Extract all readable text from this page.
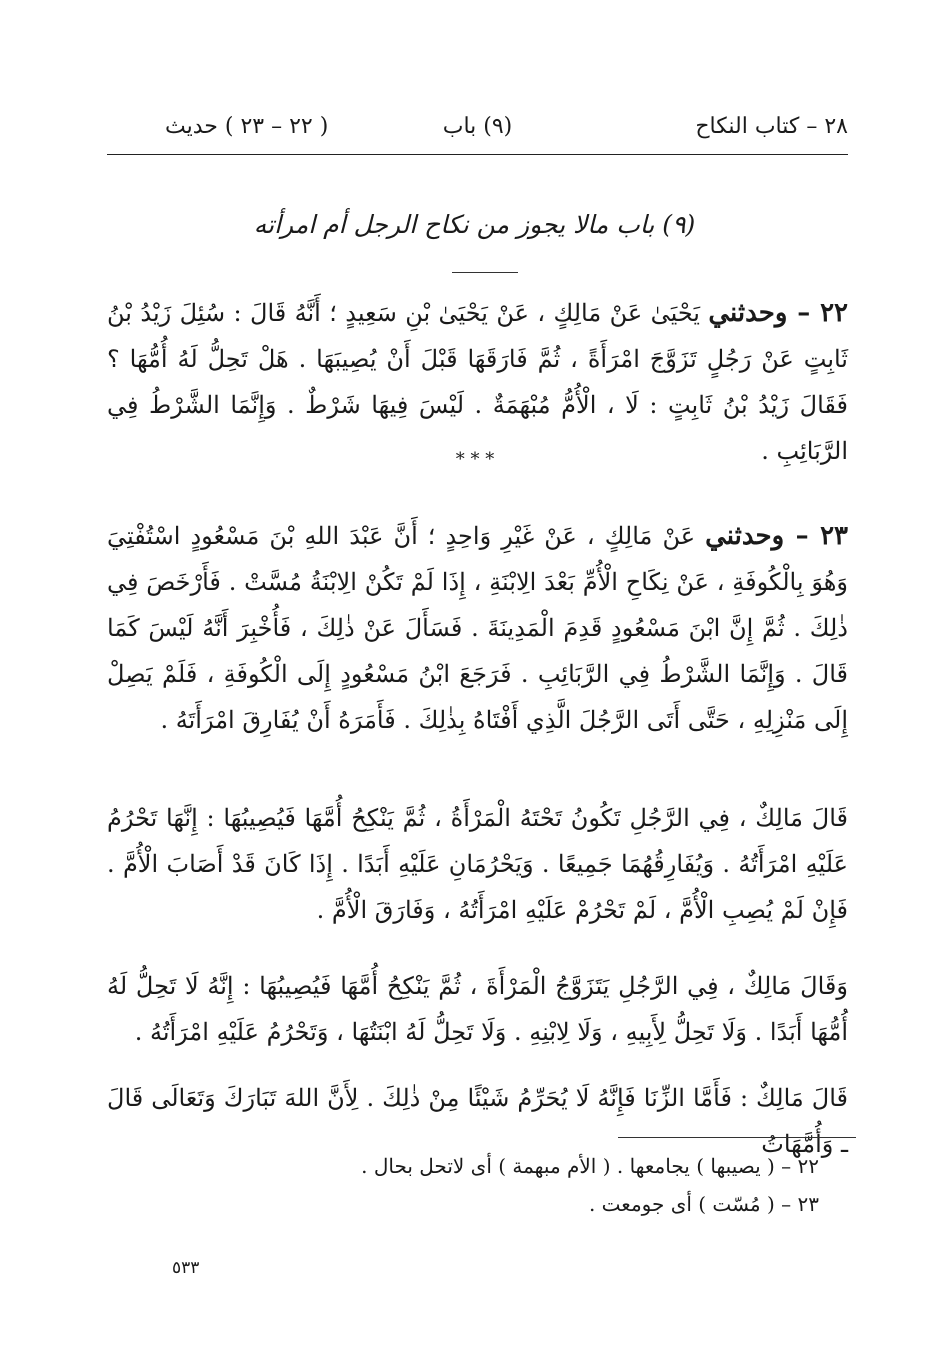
٢٨ – كتاب النكاح
(٩) باب
( ٢٢ – ٢٣ ) حديث
(٩) باب مالا يجوز من نكاح الرجل أم امرأته

٢٢ – وحدثني يَحْيَىٰ عَنْ مَالِكٍ ، عَنْ يَحْيَىٰ بْنِ سَعِيدٍ ؛ أَنَّهُ قَالَ : سُئِلَ زَيْدُ بْنُ ثَابِتٍ عَنْ رَجُلٍ تَزَوَّجَ امْرَأَةً ، ثُمَّ فَارَقَهَا قَبْلَ أَنْ يُصِيبَهَا . هَلْ تَحِلُّ لَهُ أُمُّهَا ؟ فَقَالَ زَيْدُ بْنُ ثَابِتٍ : لَا ، الْأُمُّ مُبْهَمَةٌ . لَيْسَ فِيهَا شَرْطٌ . وَإِنَّمَا الشَّرْطُ فِي الرَّبَائِبِ .

* * *

٢٣ – وحدثني عَنْ مَالِكٍ ، عَنْ غَيْرِ وَاحِدٍ ؛ أَنَّ عَبْدَ اللهِ بْنَ مَسْعُودٍ اسْتُفْتِيَ وَهُوَ بِالْكُوفَةِ ، عَنْ نِكَاحِ الْأُمِّ بَعْدَ الِابْنَةِ ، إِذَا لَمْ تَكُنْ الِابْنَةُ مُسَّتْ . فَأَرْخَصَ فِي ذٰلِكَ . ثُمَّ إِنَّ ابْنَ مَسْعُودٍ قَدِمَ الْمَدِينَةَ . فَسَأَلَ عَنْ ذٰلِكَ ، فَأُخْبِرَ أَنَّهُ لَيْسَ كَمَا قَالَ . وَإِنَّمَا الشَّرْطُ فِي الرَّبَائِبِ . فَرَجَعَ ابْنُ مَسْعُودٍ إِلَى الْكُوفَةِ ، فَلَمْ يَصِلْ إِلَى مَنْزِلِهِ ، حَتَّى أَتَى الرَّجُلَ الَّذِي أَفْتَاهُ بِذٰلِكَ . فَأَمَرَهُ أَنْ يُفَارِقَ امْرَأَتَهُ .

قَالَ مَالِكٌ ، فِي الرَّجُلِ تَكُونُ تَحْتَهُ الْمَرْأَةُ ، ثُمَّ يَنْكِحُ أُمَّهَا فَيُصِيبُهَا : إِنَّهَا تَحْرُمُ عَلَيْهِ امْرَأَتُهُ . وَيُفَارِقُهُمَا جَمِيعًا . وَيَحْرُمَانِ عَلَيْهِ أَبَدًا . إِذَا كَانَ قَدْ أَصَابَ الْأُمَّ . فَإِنْ لَمْ يُصِبِ الْأُمَّ ، لَمْ تَحْرُمْ عَلَيْهِ امْرَأَتُهُ ، وَفَارَقَ الْأُمَّ .

وَقَالَ مَالِكٌ ، فِي الرَّجُلِ يَتَزَوَّجُ الْمَرْأَةَ ، ثُمَّ يَنْكِحُ أُمَّهَا فَيُصِيبُهَا : إِنَّهُ لَا تَحِلُّ لَهُ أُمُّهَا أَبَدًا . وَلَا تَحِلُّ لِأَبِيهِ ، وَلَا لِابْنِهِ . وَلَا تَحِلُّ لَهُ ابْنَتُهَا ، وَتَحْرُمُ عَلَيْهِ امْرَأَتُهُ .

قَالَ مَالِكٌ : فَأَمَّا الزِّنَا فَإِنَّهُ لَا يُحَرِّمُ شَيْئًا مِنْ ذٰلِكَ . لِأَنَّ اللهَ تَبَارَكَ وَتَعَالَى قَالَ ـ وَأُمَّهَاتُ

٢٢ – ( يصيبها ) يجامعها . ( الأم مبهمة ) أى لاتحل بحال .

٢٣ – ( مُسّت ) أى جومعت .

٥٣٣
